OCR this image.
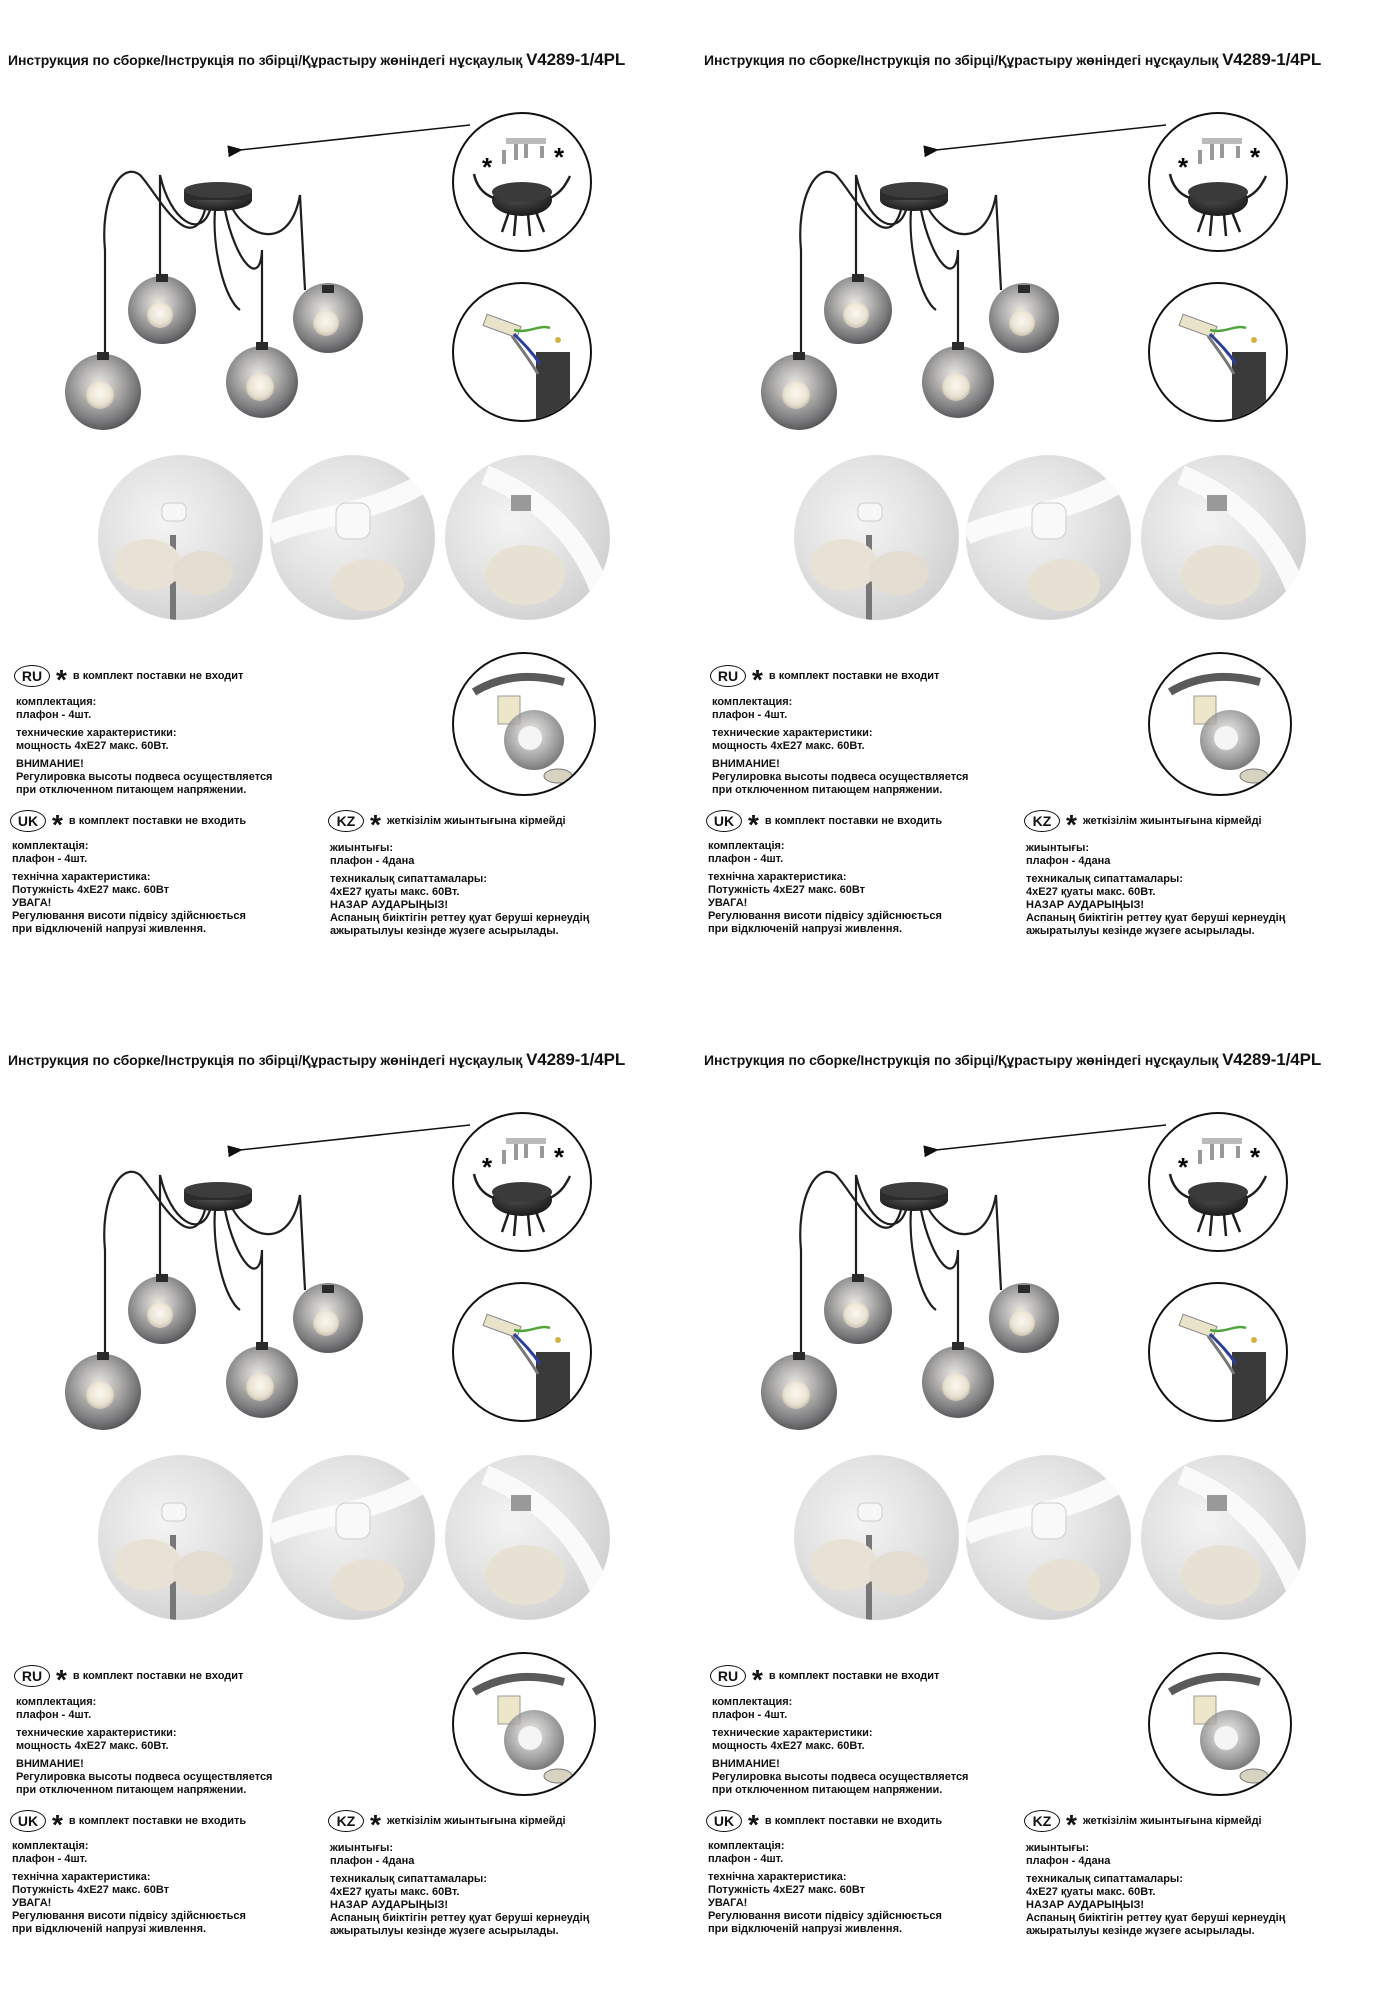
Инструкция по сборке/Інструкція по збірці/Құрастыру жөніндегі нұсқаулық V4289-1/4PL
* *
RU * в комплект поставки не входит
комплектация:
плафон - 4шт.
технические характеристики:
мощность 4хЕ27 макс. 60Вт.
ВНИМАНИЕ!
Регулировка высоты подвеса осуществляется
при отключенном питающем напряжении.
UK * в комплект поставки не входить
комплектація:
плафон - 4шт.
технічна характеристика:
Потужність 4хЕ27 макс. 60Вт
УВАГА!
Регулювання висоти підвісу здійснюється
при відключеній напрузі живлення.
KZ * жеткізілім жиынтығына кірмейді
жиынтығы:
плафон - 4дана
техникалық сипаттамалары:
4хЕ27 қуаты макс. 60Вт.
НАЗАР АУДАРЫҢЫЗ!
Аспаның биіктігін реттеу қуат беруші кернеудің
ажыратылуы кезінде жүзеге асырылады.
Инструкция по сборке/Інструкція по збірці/Құрастыру жөніндегі нұсқаулық V4289-1/4PL
* *
RU * в комплект поставки не входит
комплектация:
плафон - 4шт.
технические характеристики:
мощность 4хЕ27 макс. 60Вт.
ВНИМАНИЕ!
Регулировка высоты подвеса осуществляется
при отключенном питающем напряжении.
UK * в комплект поставки не входить
комплектація:
плафон - 4шт.
технічна характеристика:
Потужність 4хЕ27 макс. 60Вт
УВАГА!
Регулювання висоти підвісу здійснюється
при відключеній напрузі живлення.
KZ * жеткізілім жиынтығына кірмейді
жиынтығы:
плафон - 4дана
техникалық сипаттамалары:
4хЕ27 қуаты макс. 60Вт.
НАЗАР АУДАРЫҢЫЗ!
Аспаның биіктігін реттеу қуат беруші кернеудің
ажыратылуы кезінде жүзеге асырылады.
Инструкция по сборке/Інструкція по збірці/Құрастыру жөніндегі нұсқаулық V4289-1/4PL
* *
RU * в комплект поставки не входит
комплектация:
плафон - 4шт.
технические характеристики:
мощность 4хЕ27 макс. 60Вт.
ВНИМАНИЕ!
Регулировка высоты подвеса осуществляется
при отключенном питающем напряжении.
UK * в комплект поставки не входить
комплектація:
плафон - 4шт.
технічна характеристика:
Потужність 4хЕ27 макс. 60Вт
УВАГА!
Регулювання висоти підвісу здійснюється
при відключеній напрузі живлення.
KZ * жеткізілім жиынтығына кірмейді
жиынтығы:
плафон - 4дана
техникалық сипаттамалары:
4хЕ27 қуаты макс. 60Вт.
НАЗАР АУДАРЫҢЫЗ!
Аспаның биіктігін реттеу қуат беруші кернеудің
ажыратылуы кезінде жүзеге асырылады.
Инструкция по сборке/Інструкція по збірці/Құрастыру жөніндегі нұсқаулық V4289-1/4PL
* *
RU * в комплект поставки не входит
комплектация:
плафон - 4шт.
технические характеристики:
мощность 4хЕ27 макс. 60Вт.
ВНИМАНИЕ!
Регулировка высоты подвеса осуществляется
при отключенном питающем напряжении.
UK * в комплект поставки не входить
комплектація:
плафон - 4шт.
технічна характеристика:
Потужність 4хЕ27 макс. 60Вт
УВАГА!
Регулювання висоти підвісу здійснюється
при відключеній напрузі живлення.
KZ * жеткізілім жиынтығына кірмейді
жиынтығы:
плафон - 4дана
техникалық сипаттамалары:
4хЕ27 қуаты макс. 60Вт.
НАЗАР АУДАРЫҢЫЗ!
Аспаның биіктігін реттеу қуат беруші кернеудің
ажыратылуы кезінде жүзеге асырылады.
